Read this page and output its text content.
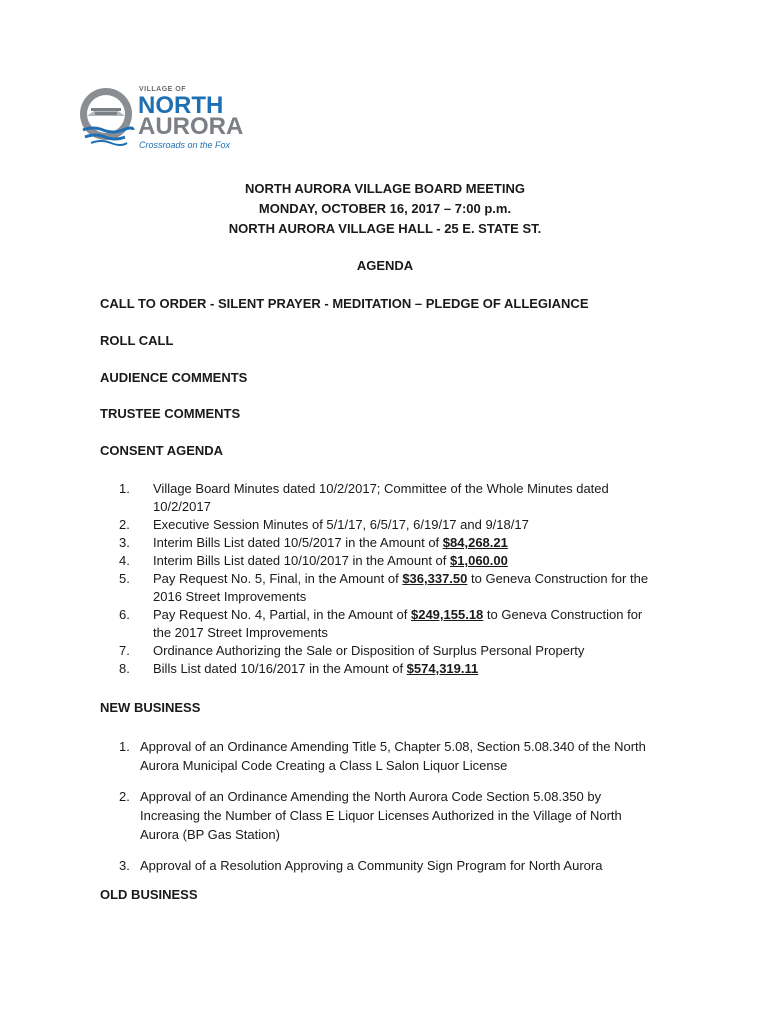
VILLAGE OF
NORTH
AURORA
Crossroads on the Fox
NORTH AURORA VILLAGE BOARD MEETING
MONDAY, OCTOBER 16, 2017 – 7:00 p.m.
NORTH AURORA VILLAGE HALL - 25 E. STATE ST.
AGENDA
CALL TO ORDER - SILENT PRAYER - MEDITATION – PLEDGE OF ALLEGIANCE
ROLL CALL
AUDIENCE COMMENTS
TRUSTEE COMMENTS
CONSENT AGENDA
1. Village Board Minutes dated 10/2/2017; Committee of the Whole Minutes dated 10/2/2017
2. Executive Session Minutes of 5/1/17, 6/5/17, 6/19/17 and 9/18/17
3. Interim Bills List dated 10/5/2017 in the Amount of $84,268.21
4. Interim Bills List dated 10/10/2017 in the Amount of $1,060.00
5. Pay Request No. 5, Final, in the Amount of $36,337.50 to Geneva Construction for the 2016 Street Improvements
6. Pay Request No. 4, Partial, in the Amount of $249,155.18 to Geneva Construction for the 2017 Street Improvements
7. Ordinance Authorizing the Sale or Disposition of Surplus Personal Property
8. Bills List dated 10/16/2017 in the Amount of $574,319.11
NEW BUSINESS
1. Approval of an Ordinance Amending Title 5, Chapter 5.08, Section 5.08.340 of the North Aurora Municipal Code Creating a Class L Salon Liquor License
2. Approval of an Ordinance Amending the North Aurora Code Section 5.08.350 by Increasing the Number of Class E Liquor Licenses Authorized in the Village of North Aurora (BP Gas Station)
3. Approval of a Resolution Approving a Community Sign Program for North Aurora
OLD BUSINESS
